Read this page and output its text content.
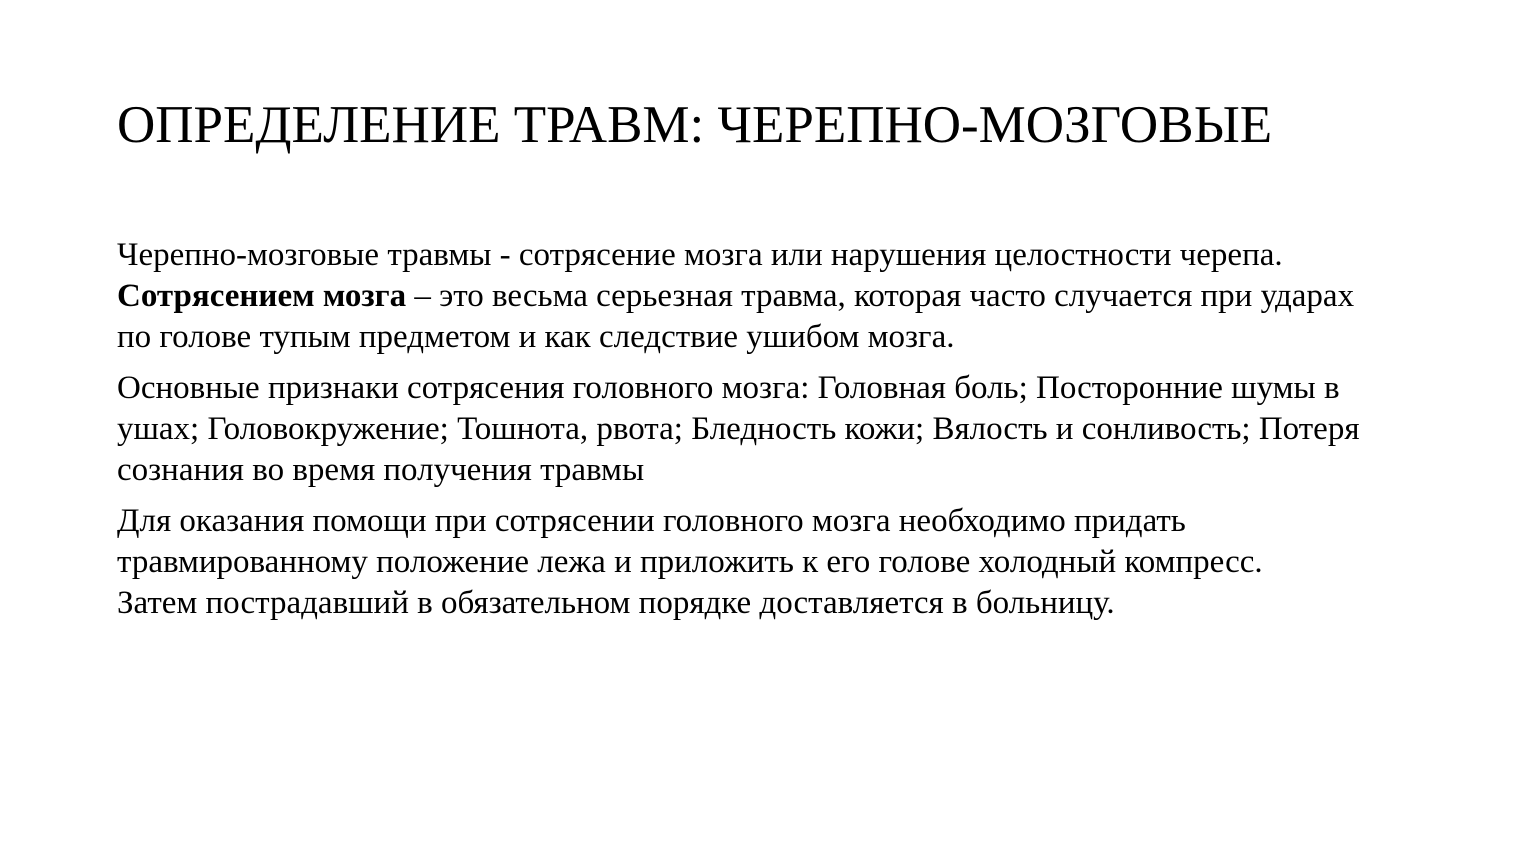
ОПРЕДЕЛЕНИЕ ТРАВМ: ЧЕРЕПНО-МОЗГОВЫЕ

Черепно-мозговые травмы - сотрясение мозга или нарушения целостности черепа. Сотрясением мозга – это весьма серьезная травма, которая часто случается при ударах по голове тупым предметом и как следствие ушибом мозга.

Основные признаки сотрясения головного мозга: Головная боль; Посторонние шумы в ушах; Головокружение; Тошнота, рвота; Бледность кожи; Вялость и сонливость; Потеря сознания во время получения травмы

Для оказания помощи при сотрясении головного мозга необходимо придать травмированному положение лежа и приложить к его голове холодный компресс. Затем пострадавший в обязательном порядке доставляется в больницу.
